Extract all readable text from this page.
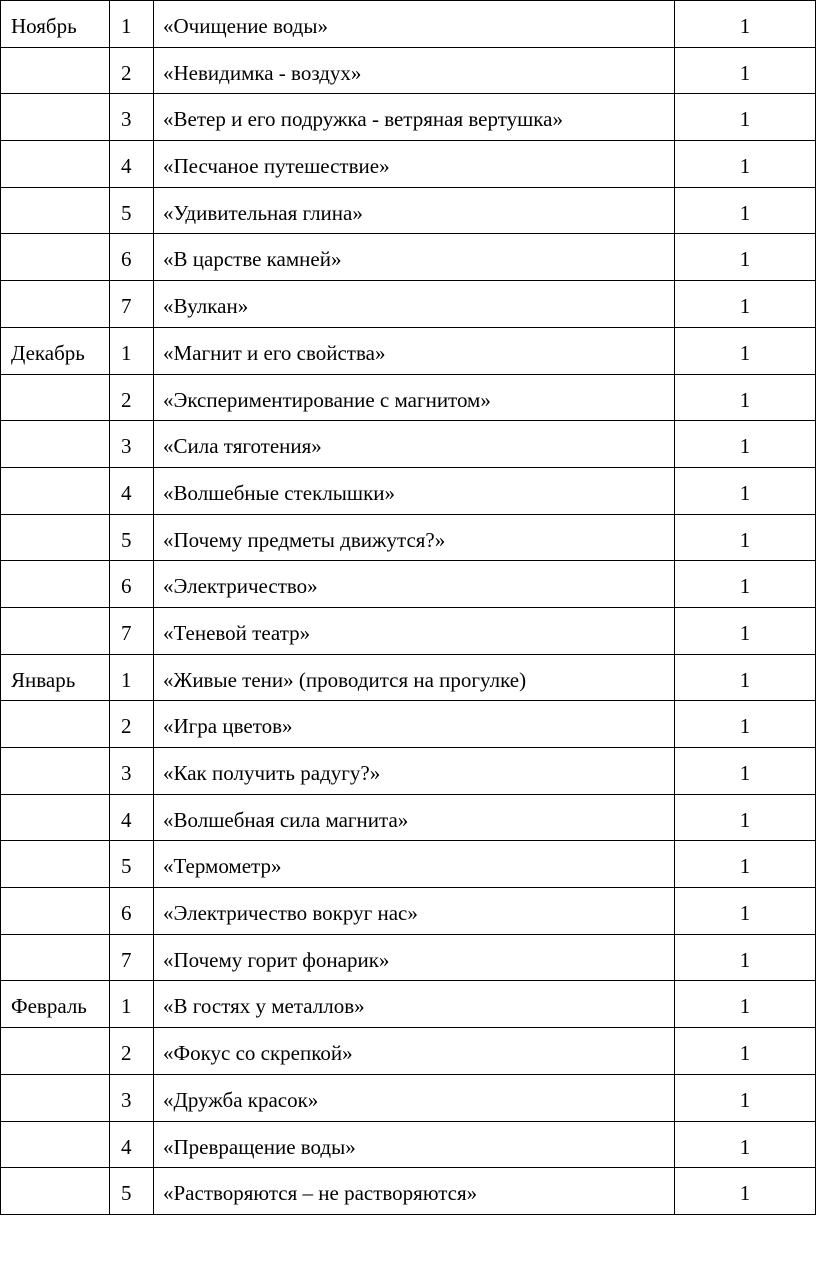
Ноябрь	1	«Очищение воды»	1

	2	«Невидимка - воздух»	1

	3	«Ветер и его подружка - ветряная вертушка»	1

	4	«Песчаное путешествие»	1

	5	«Удивительная глина»	1

	6	«В царстве камней»	1

	7	«Вулкан»	1

Декабрь	1	«Магнит и его свойства»	1

	2	«Экспериментирование с магнитом»	1

	3	«Сила тяготения»	1

	4	«Волшебные стеклышки»	1

	5	«Почему предметы движутся?»	1

	6	«Электричество»	1

	7	«Теневой театр»	1

Январь	1	«Живые тени» (проводится на прогулке)	1

	2	«Игра цветов»	1

	3	«Как получить радугу?»	1

	4	«Волшебная сила магнита»	1

	5	«Термометр»	1

	6	«Электричество вокруг нас»	1

	7	«Почему горит фонарик»	1

Февраль	1	«В гостях у металлов»	1

	2	«Фокус со скрепкой»	1

	3	«Дружба красок»	1

	4	«Превращение воды»	1

	5	«Растворяются – не растворяются»	1
